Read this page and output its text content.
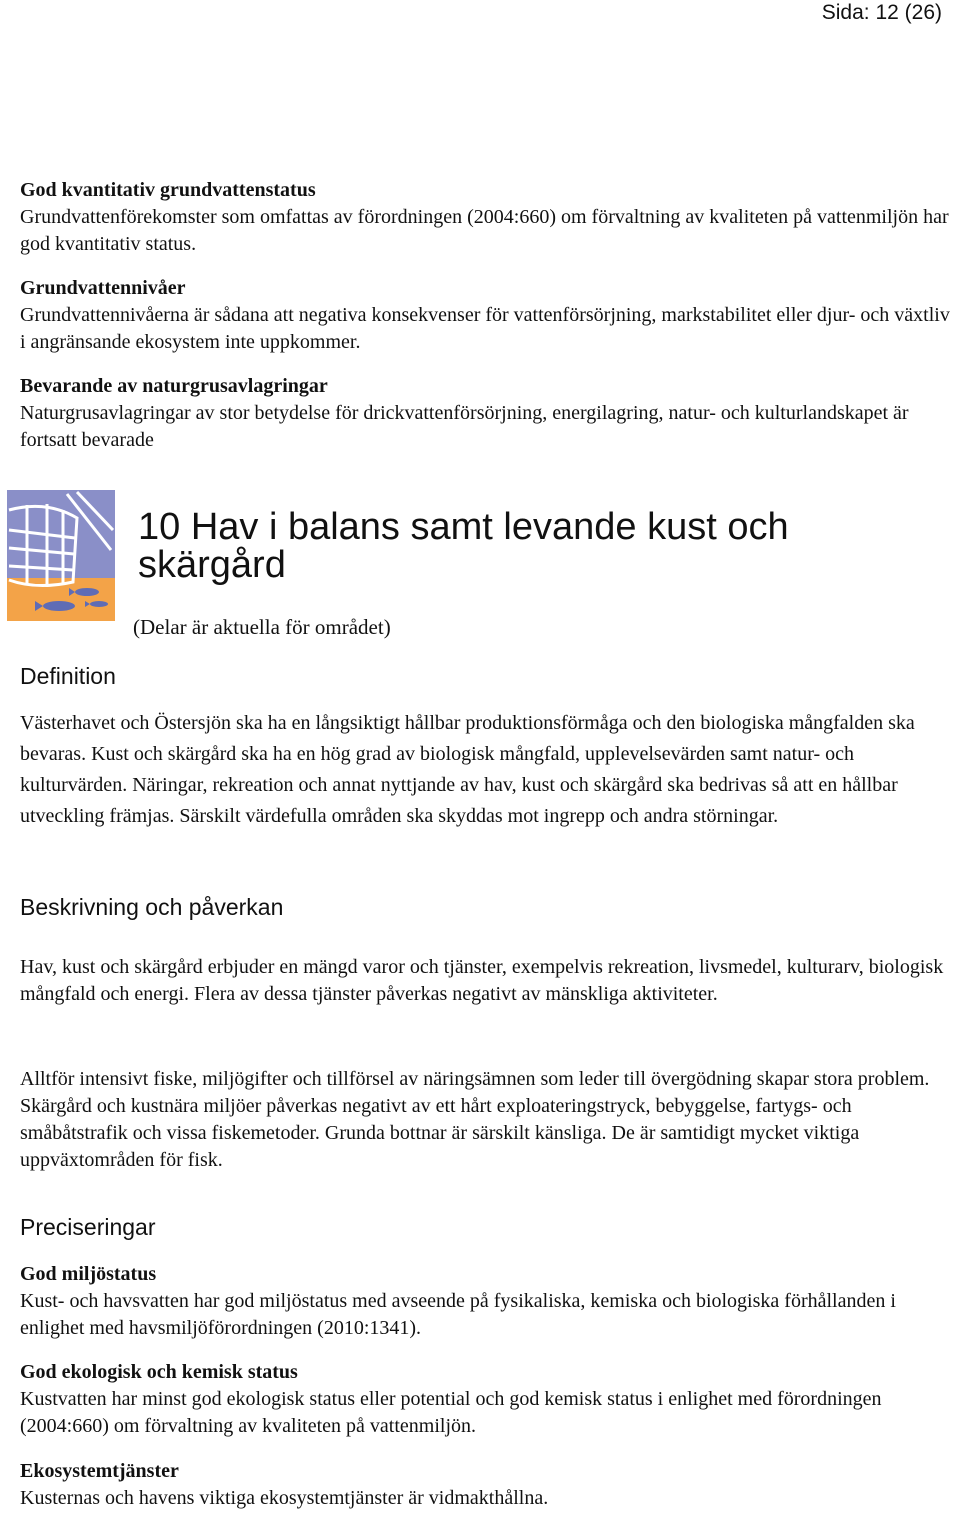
Sida: 12 (26)
God kvantitativ grundvattenstatus

Grundvattenförekomster som omfattas av förordningen (2004:660) om förvaltning av kvaliteten på vattenmiljön har god kvantitativ status.

Grundvattennivåer

Grundvattennivåerna är sådana att negativa konsekvenser för vattenförsörjning, markstabilitet eller djur- och växtliv i angränsande ekosystem inte uppkommer.

Bevarande av naturgrusavlagringar

Naturgrusavlagringar av stor betydelse för drickvattenförsörjning, energilagring, natur- och kulturlandskapet är fortsatt bevarade

10 Hav i balans samt levande kust och skärgård
(Delar är aktuella för området)
Definition

Västerhavet och Östersjön ska ha en långsiktigt hållbar produktionsförmåga och den biologiska mångfalden ska bevaras. Kust och skärgård ska ha en hög grad av biologisk mångfald, upplevelsevärden samt natur- och kulturvärden. Näringar, rekreation och annat nyttjande av hav, kust och skärgård ska bedrivas så att en hållbar utveckling främjas. Särskilt värdefulla områden ska skyddas mot ingrepp och andra störningar.

Beskrivning och påverkan

Hav, kust och skärgård erbjuder en mängd varor och tjänster, exempelvis rekreation, livsmedel, kulturarv, biologisk mångfald och energi. Flera av dessa tjänster påverkas negativt av mänskliga aktiviteter.

Alltför intensivt fiske, miljögifter och tillförsel av näringsämnen som leder till övergödning skapar stora problem. Skärgård och kustnära miljöer påverkas negativt av ett hårt exploateringstryck, bebyggelse, fartygs- och småbåtstrafik och vissa fiskemetoder. Grunda bottnar är särskilt känsliga. De är samtidigt mycket viktiga uppväxtområden för fisk.

Preciseringar
God miljöstatus

Kust- och havsvatten har god miljöstatus med avseende på fysikaliska, kemiska och biologiska förhållanden i enlighet med havsmiljöförordningen (2010:1341).

God ekologisk och kemisk status

Kustvatten har minst god ekologisk status eller potential och god kemisk status i enlighet med förordningen (2004:660) om förvaltning av kvaliteten på vattenmiljön.

Ekosystemtjänster

Kusternas och havens viktiga ekosystemtjänster är vidmakthållna.
